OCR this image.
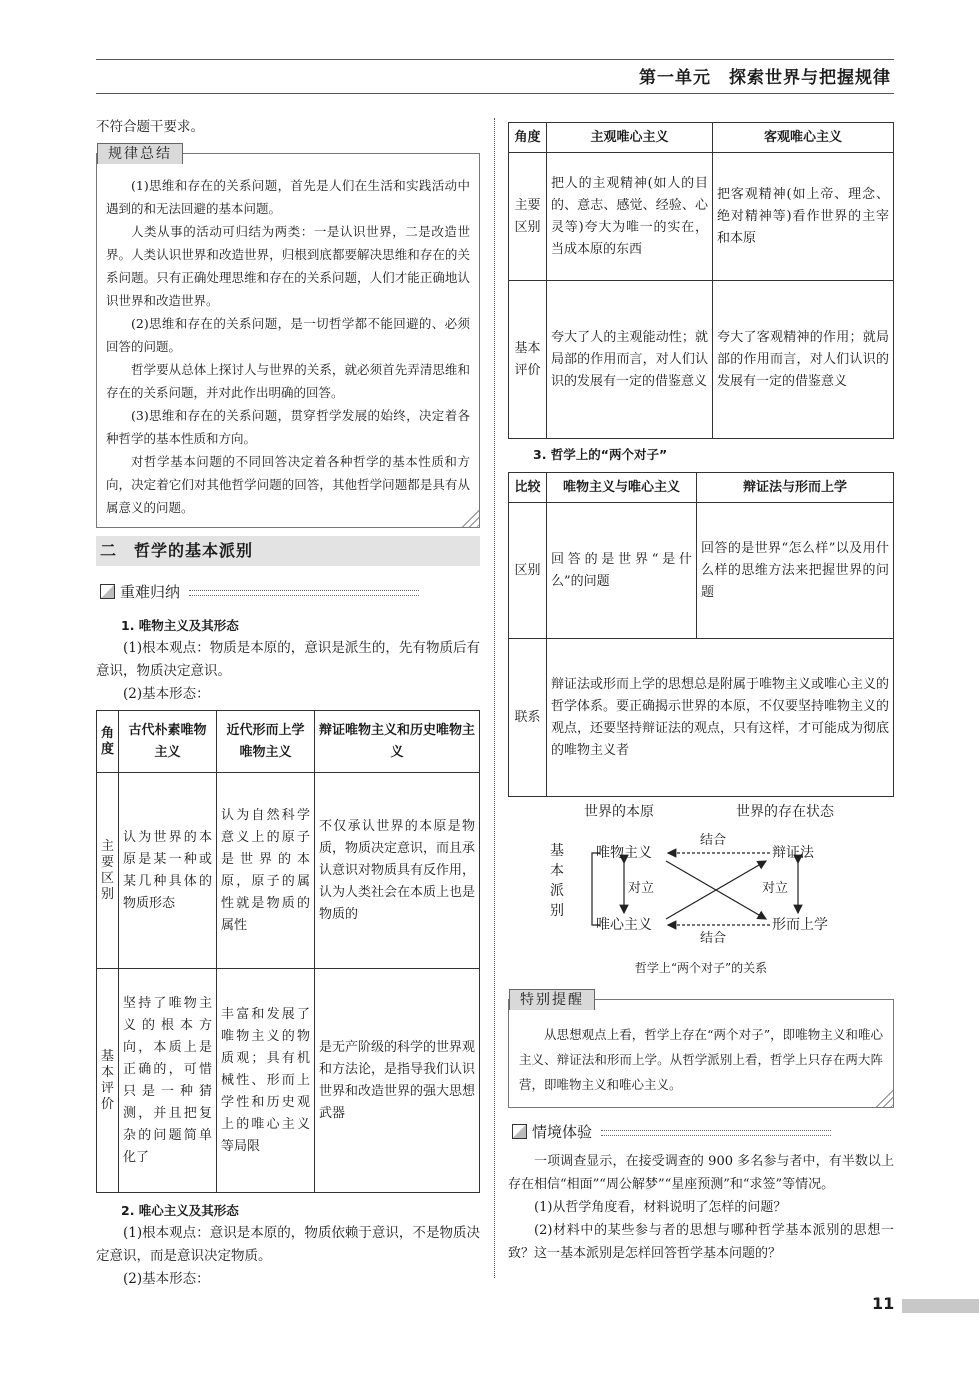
第一单元　探索世界与把握规律

不符合题干要求。

规律总结

(1)思维和存在的关系问题，首先是人们在生活和实践活动中遇到的和无法回避的基本问题。

人类从事的活动可归结为两类：一是认识世界，二是改造世界。人类认识世界和改造世界，归根到底都要解决思维和存在的关系问题。只有正确处理思维和存在的关系问题，人们才能正确地认识世界和改造世界。

(2)思维和存在的关系问题，是一切哲学都不能回避的、必须回答的问题。

哲学要从总体上探讨人与世界的关系，就必须首先弄清思维和存在的关系问题，并对此作出明确的回答。

(3)思维和存在的关系问题，贯穿哲学发展的始终，决定着各种哲学的基本性质和方向。

对哲学基本问题的不同回答决定着各种哲学的基本性质和方向，决定着它们对其他哲学问题的回答，其他哲学问题都是具有从属意义的问题。

二　哲学的基本派别
重难归纳
1. 唯物主义及其形态

(1)根本观点：物质是本原的，意识是派生的，先有物质后有意识，物质决定意识。

(2)基本形态：

角度	古代朴素唯物主义	近代形而上学唯物主义	辩证唯物主义和历史唯物主义
主要区别	认为世界的本原是某一种或某几种具体的物质形态	认为自然科学意义上的原子是世界的本原，原子的属性就是物质的属性	不仅承认世界的本原是物质，物质决定意识，而且承认意识对物质具有反作用，认为人类社会在本质上也是物质的
基本评价	坚持了唯物主义的根本方向，本质上是正确的，可惜只是一种猜测，并且把复杂的问题简单化了	丰富和发展了唯物主义的物质观；具有机械性、形而上学性和历史观上的唯心主义等局限	是无产阶级的科学的世界观和方法论，是指导我们认识世界和改造世界的强大思想武器
2. 唯心主义及其形态

(1)根本观点：意识是本原的，物质依赖于意识，不是物质决定意识，而是意识决定物质。

(2)基本形态：

角度	主观唯心主义	客观唯心主义
主要区别	把人的主观精神(如人的目的、意志、感觉、经验、心灵等)夸大为唯一的实在，当成本原的东西	把客观精神(如上帝、理念、绝对精神等)看作世界的主宰和本原
基本评价	夸大了人的主观能动性；就局部的作用而言，对人们认识的发展有一定的借鉴意义	夸大了客观精神的作用；就局部的作用而言，对人们认识的发展有一定的借鉴意义
3. 哲学上的“两个对子”
比较	唯物主义与唯心主义	辩证法与形而上学
区别	回答的是世界“是什么”的问题	回答的是世界“怎么样”以及用什么样的思维方法来把握世界的问题
联系	辩证法或形而上学的思想总是附属于唯物主义或唯心主义的哲学体系。要正确揭示世界的本原，不仅要坚持唯物主义的观点，还要坚持辩证法的观点，只有这样，才可能成为彻底的唯物主义者	
世界的本原	世界的存在状态
基
本
派
别
唯物主义	辩证法
唯心主义	形而上学
结合
结合
对立	对立
哲学上“两个对子”的关系
特别提醒

从思想观点上看，哲学上存在“两个对子”，即唯物主义和唯心主义、辩证法和形而上学。从哲学派别上看，哲学上只存在两大阵营，即唯物主义和唯心主义。

情境体验

一项调查显示，在接受调查的 900 多名参与者中，有半数以上存在相信“相面”“周公解梦”“星座预测”和“求签”等情况。

(1)从哲学角度看，材料说明了怎样的问题？

(2)材料中的某些参与者的思想与哪种哲学基本派别的思想一致？这一基本派别是怎样回答哲学基本问题的？

11
